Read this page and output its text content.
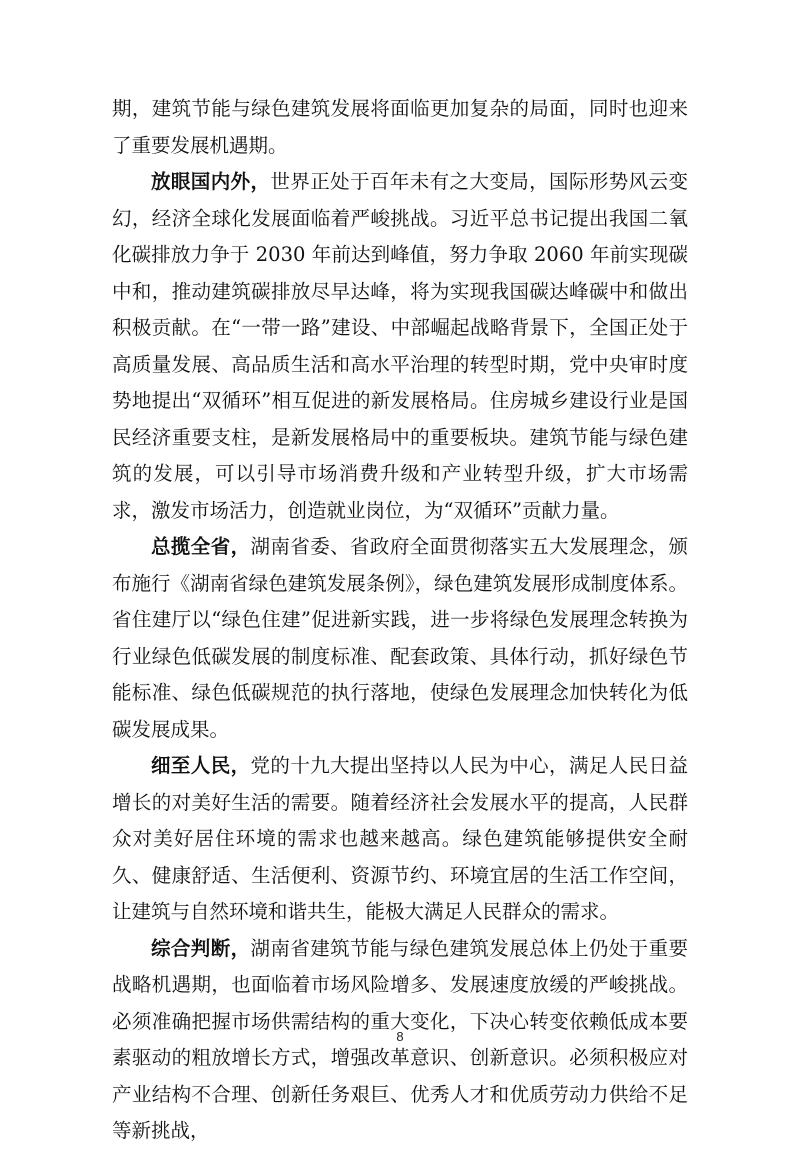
期，建筑节能与绿色建筑发展将面临更加复杂的局面，同时也迎来了重要发展机遇期。

放眼国内外，世界正处于百年未有之大变局，国际形势风云变幻，经济全球化发展面临着严峻挑战。习近平总书记提出我国二氧化碳排放力争于 2030 年前达到峰值，努力争取 2060 年前实现碳中和，推动建筑碳排放尽早达峰，将为实现我国碳达峰碳中和做出积极贡献。在“一带一路”建设、中部崛起战略背景下，全国正处于高质量发展、高品质生活和高水平治理的转型时期，党中央审时度势地提出“双循环”相互促进的新发展格局。住房城乡建设行业是国民经济重要支柱，是新发展格局中的重要板块。建筑节能与绿色建筑的发展，可以引导市场消费升级和产业转型升级，扩大市场需求，激发市场活力，创造就业岗位，为“双循环”贡献力量。

总揽全省，湖南省委、省政府全面贯彻落实五大发展理念，颁布施行《湖南省绿色建筑发展条例》，绿色建筑发展形成制度体系。省住建厅以“绿色住建”促进新实践，进一步将绿色发展理念转换为行业绿色低碳发展的制度标准、配套政策、具体行动，抓好绿色节能标准、绿色低碳规范的执行落地，使绿色发展理念加快转化为低碳发展成果。

细至人民，党的十九大提出坚持以人民为中心，满足人民日益增长的对美好生活的需要。随着经济社会发展水平的提高，人民群众对美好居住环境的需求也越来越高。绿色建筑能够提供安全耐久、健康舒适、生活便利、资源节约、环境宜居的生活工作空间，让建筑与自然环境和谐共生，能极大满足人民群众的需求。

综合判断，湖南省建筑节能与绿色建筑发展总体上仍处于重要战略机遇期，也面临着市场风险增多、发展速度放缓的严峻挑战。必须准确把握市场供需结构的重大变化，下决心转变依赖低成本要素驱动的粗放增长方式，增强改革意识、创新意识。必须积极应对产业结构不合理、创新任务艰巨、优秀人才和优质劳动力供给不足等新挑战，

8
